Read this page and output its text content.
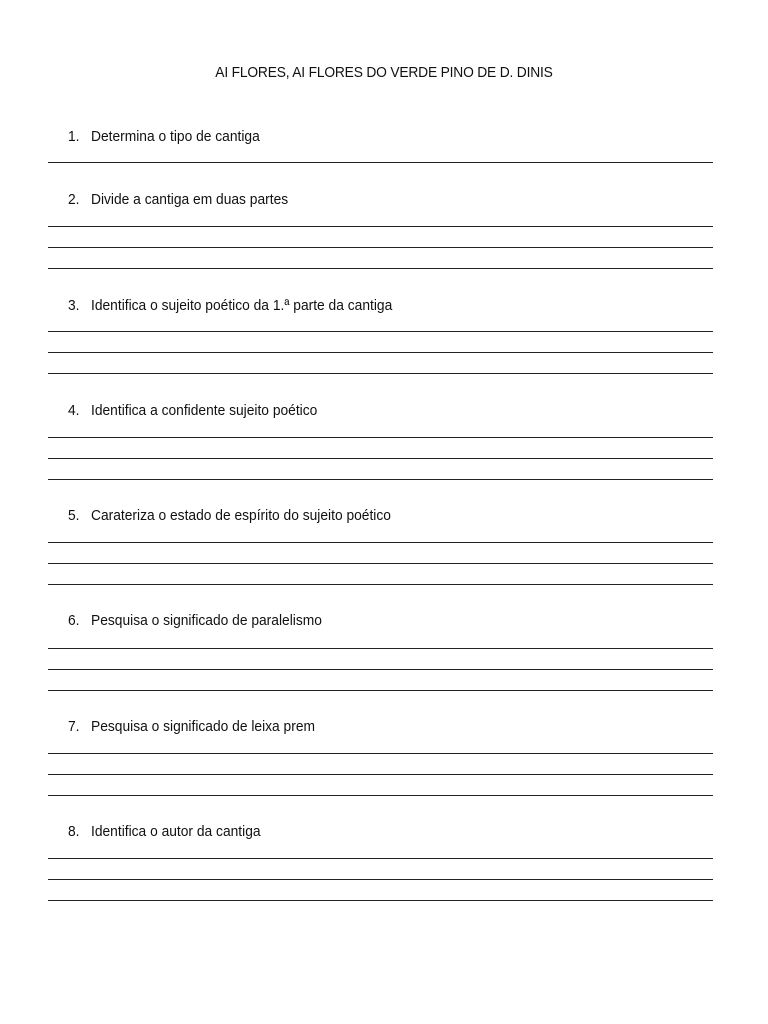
AI FLORES, AI FLORES DO VERDE PINO DE D. DINIS
1. Determina o tipo de cantiga
2. Divide a cantiga em duas partes
3. Identifica o sujeito poético da 1.ª parte da cantiga
4. Identifica a confidente sujeito poético
5. Carateriza o estado de espírito do sujeito poético
6. Pesquisa o significado de paralelismo
7. Pesquisa o significado de leixa prem
8. Identifica o autor da cantiga
